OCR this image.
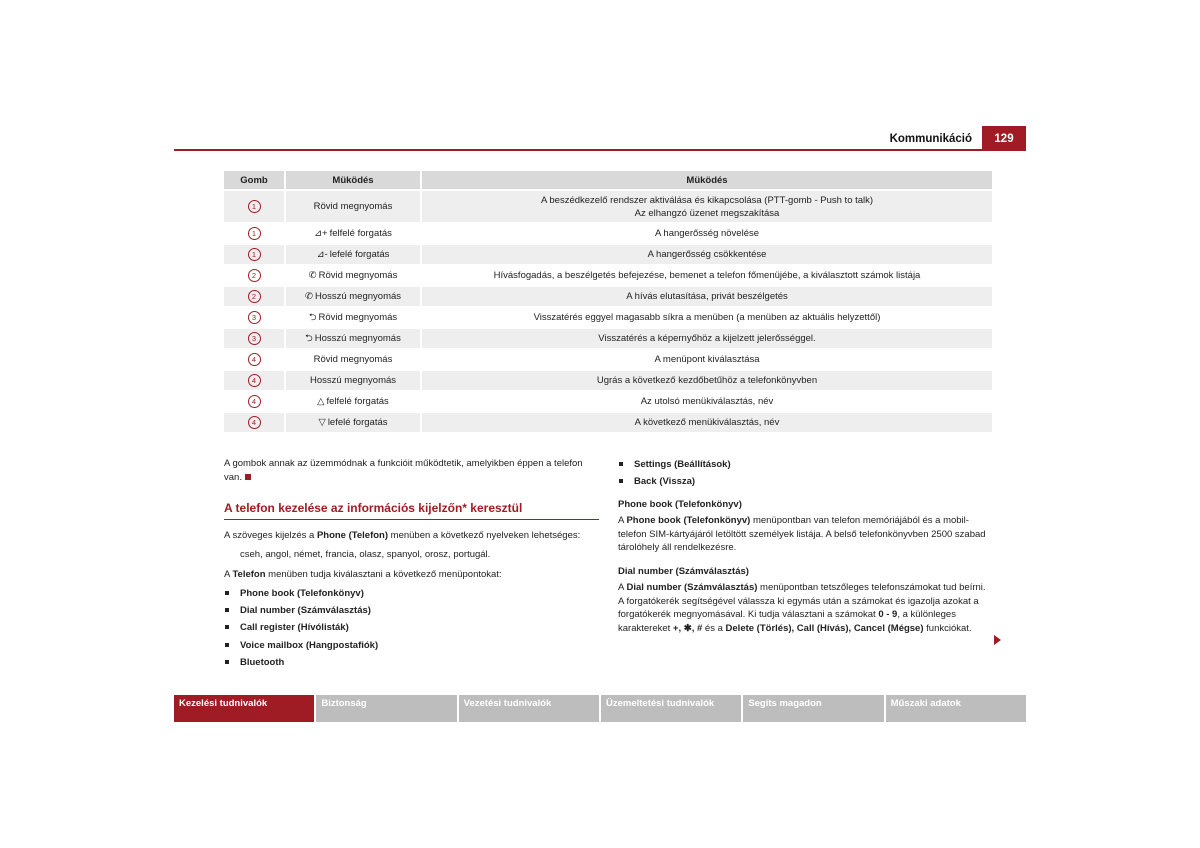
Kommunikáció	129
Gomb	Müködés	Müködés
1	Rövid megnyomás	A beszédkezelő rendszer aktiválása és kikapcsolása (PTT-gomb - Push to talk)
Az elhangzó üzenet megszakítása

1	⊿+ felfelé forgatás	A hangerősség növelése
1	⊿- lefelé forgatás	A hangerősség csökkentése
2	✆ Rövid megnyomás	Hívásfogadás, a beszélgetés befejezése, bemenet a telefon főmenüjébe, a kiválasztott számok listája
2	✆ Hosszú megnyomás	A hívás elutasítása, privát beszélgetés
3	⮌ Rövid megnyomás	Visszatérés eggyel magasabb síkra a menüben (a menüben az aktuális helyzettől)
3	⮌ Hosszú megnyomás	Visszatérés a képernyőhöz a kijelzett jelerősséggel.
4	Rövid megnyomás	A menüpont kiválasztása
4	Hosszú megnyomás	Ugrás a következő kezdőbetűhöz a telefonkönyvben
4	△ felfelé forgatás	Az utolsó menükiválasztás, név
4	▽ lefelé forgatás	A következő menükiválasztás, név
A gombok annak az üzemmódnak a funkcióit működtetik, amelyikben éppen a telefon van.
A telefon kezelése az információs kijelzőn* keresztül
A szöveges kijelzés a Phone (Telefon) menüben a következő nyelveken lehetséges:
cseh, angol, német, francia, olasz, spanyol, orosz, portugál.
A Telefon menüben tudja kiválasztani a következő menüpontokat:
Phone book (Telefonkönyv)
Dial number (Számválasztás)
Call register (Hívólisták)
Voice mailbox (Hangpostafiók)
Bluetooth
Settings (Beállítások)
Back (Vissza)
Phone book (Telefonkönyv)
A Phone book (Telefonkönyv) menüpontban van telefon memóriájából és a mobil-telefon SIM-kártyájáról letöltött személyek listája. A belső telefonkönyvben 2500 szabad tárolóhely áll rendelkezésre.
Dial number (Számválasztás)
A Dial number (Számválasztás) menüpontban tetszőleges telefonszámokat tud beírni. A forgatókerék segítségével válassza ki egymás után a számokat és igazolja azokat a forgatókerék megnyomásával. Ki tudja választani a számokat 0 - 9, a különleges karaktereket +, ✱, # és a Delete (Törlés), Call (Hívás), Cancel (Mégse) funkciókat.
Kezelési tudnivalók	Biztonság	Vezetési tudnivalók	Üzemeltetési tudnivalók	Segíts magadon	Műszaki adatok
